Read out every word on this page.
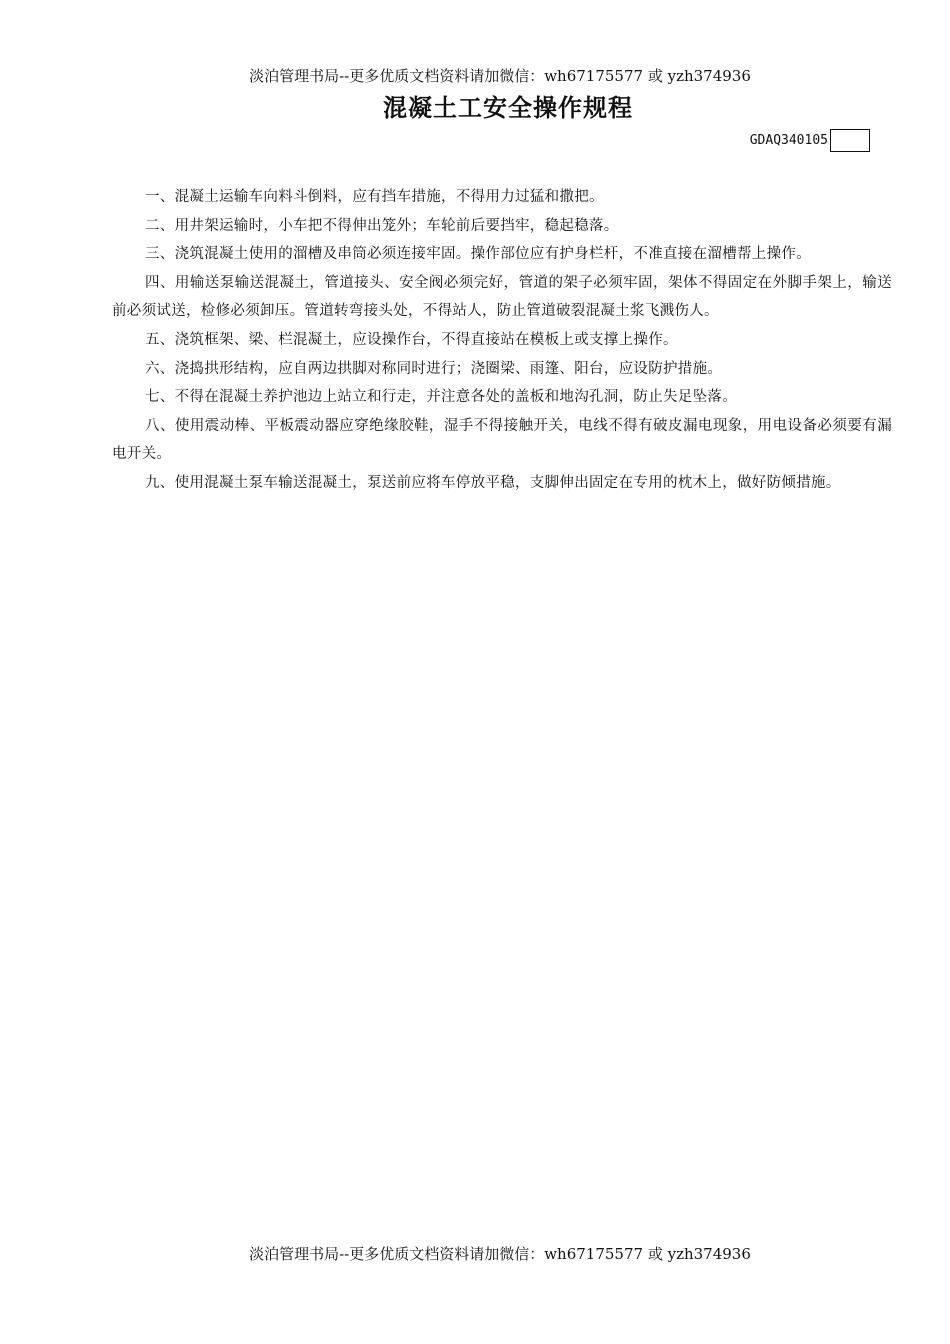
淡泊管理书局--更多优质文档资料请加微信：wh67175577 或 yzh374936
混凝土工安全操作规程
GDAQ340105

一、混凝土运输车向料斗倒料，应有挡车措施，不得用力过猛和撒把。

二、用井架运输时，小车把不得伸出笼外；车轮前后要挡牢，稳起稳落。

三、浇筑混凝土使用的溜槽及串筒必须连接牢固。操作部位应有护身栏杆，不准直接在溜槽帮上操作。

四、用输送泵输送混凝土，管道接头、安全阀必须完好，管道的架子必须牢固，架体不得固定在外脚手架上，输送前必须试送，检修必须卸压。管道转弯接头处，不得站人，防止管道破裂混凝土浆飞溅伤人。

五、浇筑框架、梁、栏混凝土，应设操作台，不得直接站在模板上或支撑上操作。

六、浇捣拱形结构，应自两边拱脚对称同时进行；浇圈梁、雨篷、阳台，应设防护措施。

七、不得在混凝土养护池边上站立和行走，并注意各处的盖板和地沟孔洞，防止失足坠落。

八、使用震动棒、平板震动器应穿绝缘胶鞋，湿手不得接触开关，电线不得有破皮漏电现象，用电设备必须要有漏电开关。

九、使用混凝土泵车输送混凝土，泵送前应将车停放平稳，支脚伸出固定在专用的枕木上，做好防倾措施。

淡泊管理书局--更多优质文档资料请加微信：wh67175577 或 yzh374936
